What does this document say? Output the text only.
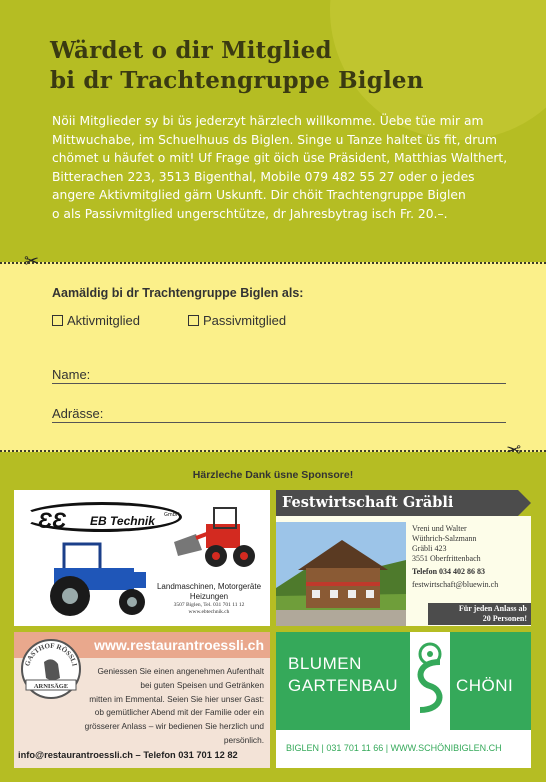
Wärdet o dir Mitglied
bi dr Trachtengruppe Biglen
Nöii Mitglieder sy bi üs jederzyt härzlech willkomme. Üebe tüe mir am
Mittwuchabe, im Schuelhuus ds Biglen. Singe u Tanze haltet üs fit, drum
chömet u häufet o mit! Uf Frage git öich üse Präsident, Matthias Walthert,
Bitterachen 223, 3513 Bigenthal, Mobile 079 482 55 27 oder o jedes
angere Aktivmitglied gärn Uskunft. Dir chöit Trachtengruppe Biglen
o als Passivmitglied ungerschtütze, dr Jahresbytrag isch Fr. 20.–.
✂
✂
Aamäldig bi dr Trachtengruppe Biglen als:
Aktivmitglied	Passivmitglied
Name:
Adrässe:
Härzleche Dank üsne Sponsore!
ƐƐ EB Technik GmbH
Landmaschinen, Motorgeräte
Heizungen
3507 Biglen, Tel. 031 701 11 12
www.ebtechnik.ch
Festwirtschaft Gräbli
Vreni und Walter
Wüthrich-Salzmann
Gräbli 423
3551 Oberfrittenbach
Telefon 034 402 86 83
festwirtschaft@bluewin.ch
Für jeden Anlass ab
20 Personen!
www.restaurantroessli.ch
GASTHOF RÖSSLI
ARNISÄGE
Geniessen Sie einen angenehmen Aufenthalt
bei guten Speisen und Getränken
mitten im Emmental. Seien Sie hier unser Gast:
ob gemütlicher Abend mit der Familie oder ein
grösserer Anlass – wir bedienen Sie herzlich und persönlich.
info@restaurantroessli.ch – Telefon 031 701 12 82
BLUMEN
GARTENBAU	CHÖNI
BIGLEN | 031 701 11 66 | WWW.SCHÖNIBIGLEN.CH
